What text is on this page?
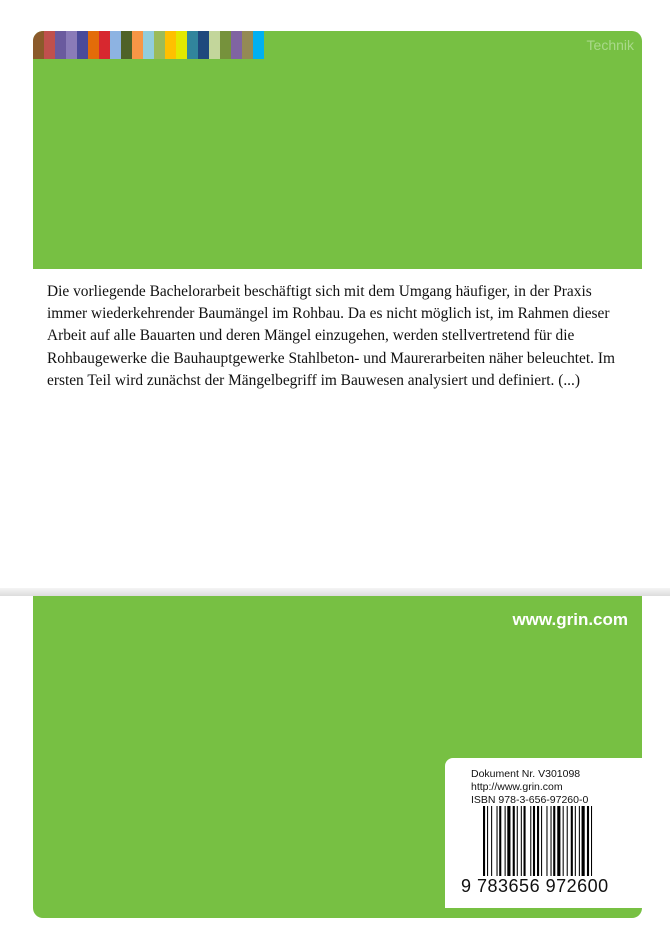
Technik

Die vorliegende Bachelorarbeit beschäftigt sich mit dem Umgang häufiger, in der Praxis immer wiederkehrender Baumängel im Rohbau. Da es nicht möglich ist, im Rahmen dieser Arbeit auf alle Bauarten und deren Mängel einzugehen, werden stellvertretend für die Rohbaugewerke die Bauhauptgewerke Stahlbeton- und Maurerarbeiten näher beleuchtet. Im ersten Teil wird zunächst der Mängelbegriff im Bauwesen analysiert und definiert. (...)

www.grin.com
Dokument Nr. V301098
http://www.grin.com
ISBN 978-3-656-97260-0
9 783656 972600
